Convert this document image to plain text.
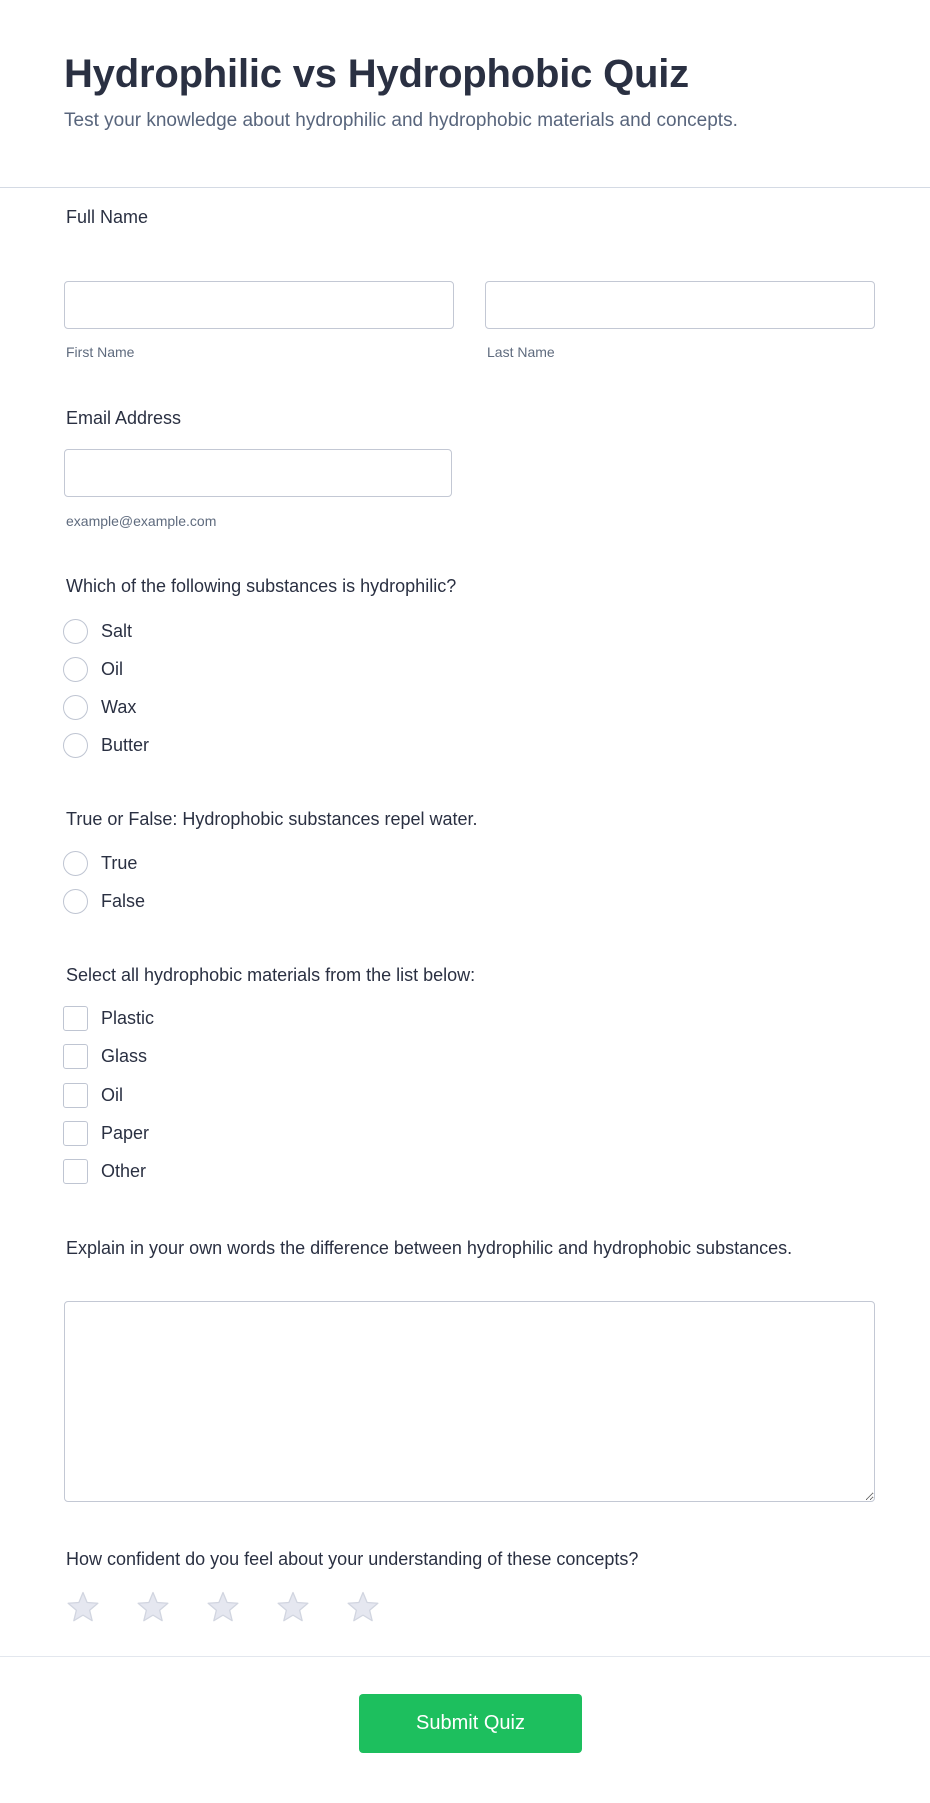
Hydrophilic vs Hydrophobic Quiz

Test your knowledge about hydrophilic and hydrophobic materials and concepts.

Full Name
First Name	Last Name
Email Address
example@example.com
Which of the following substances is hydrophilic?
Salt
Oil
Wax
Butter
True or False: Hydrophobic substances repel water.
True
False
Select all hydrophobic materials from the list below:
Plastic
Glass
Oil
Paper
Other
Explain in your own words the difference between hydrophilic and hydrophobic substances.
How confident do you feel about your understanding of these concepts?
Submit Quiz
